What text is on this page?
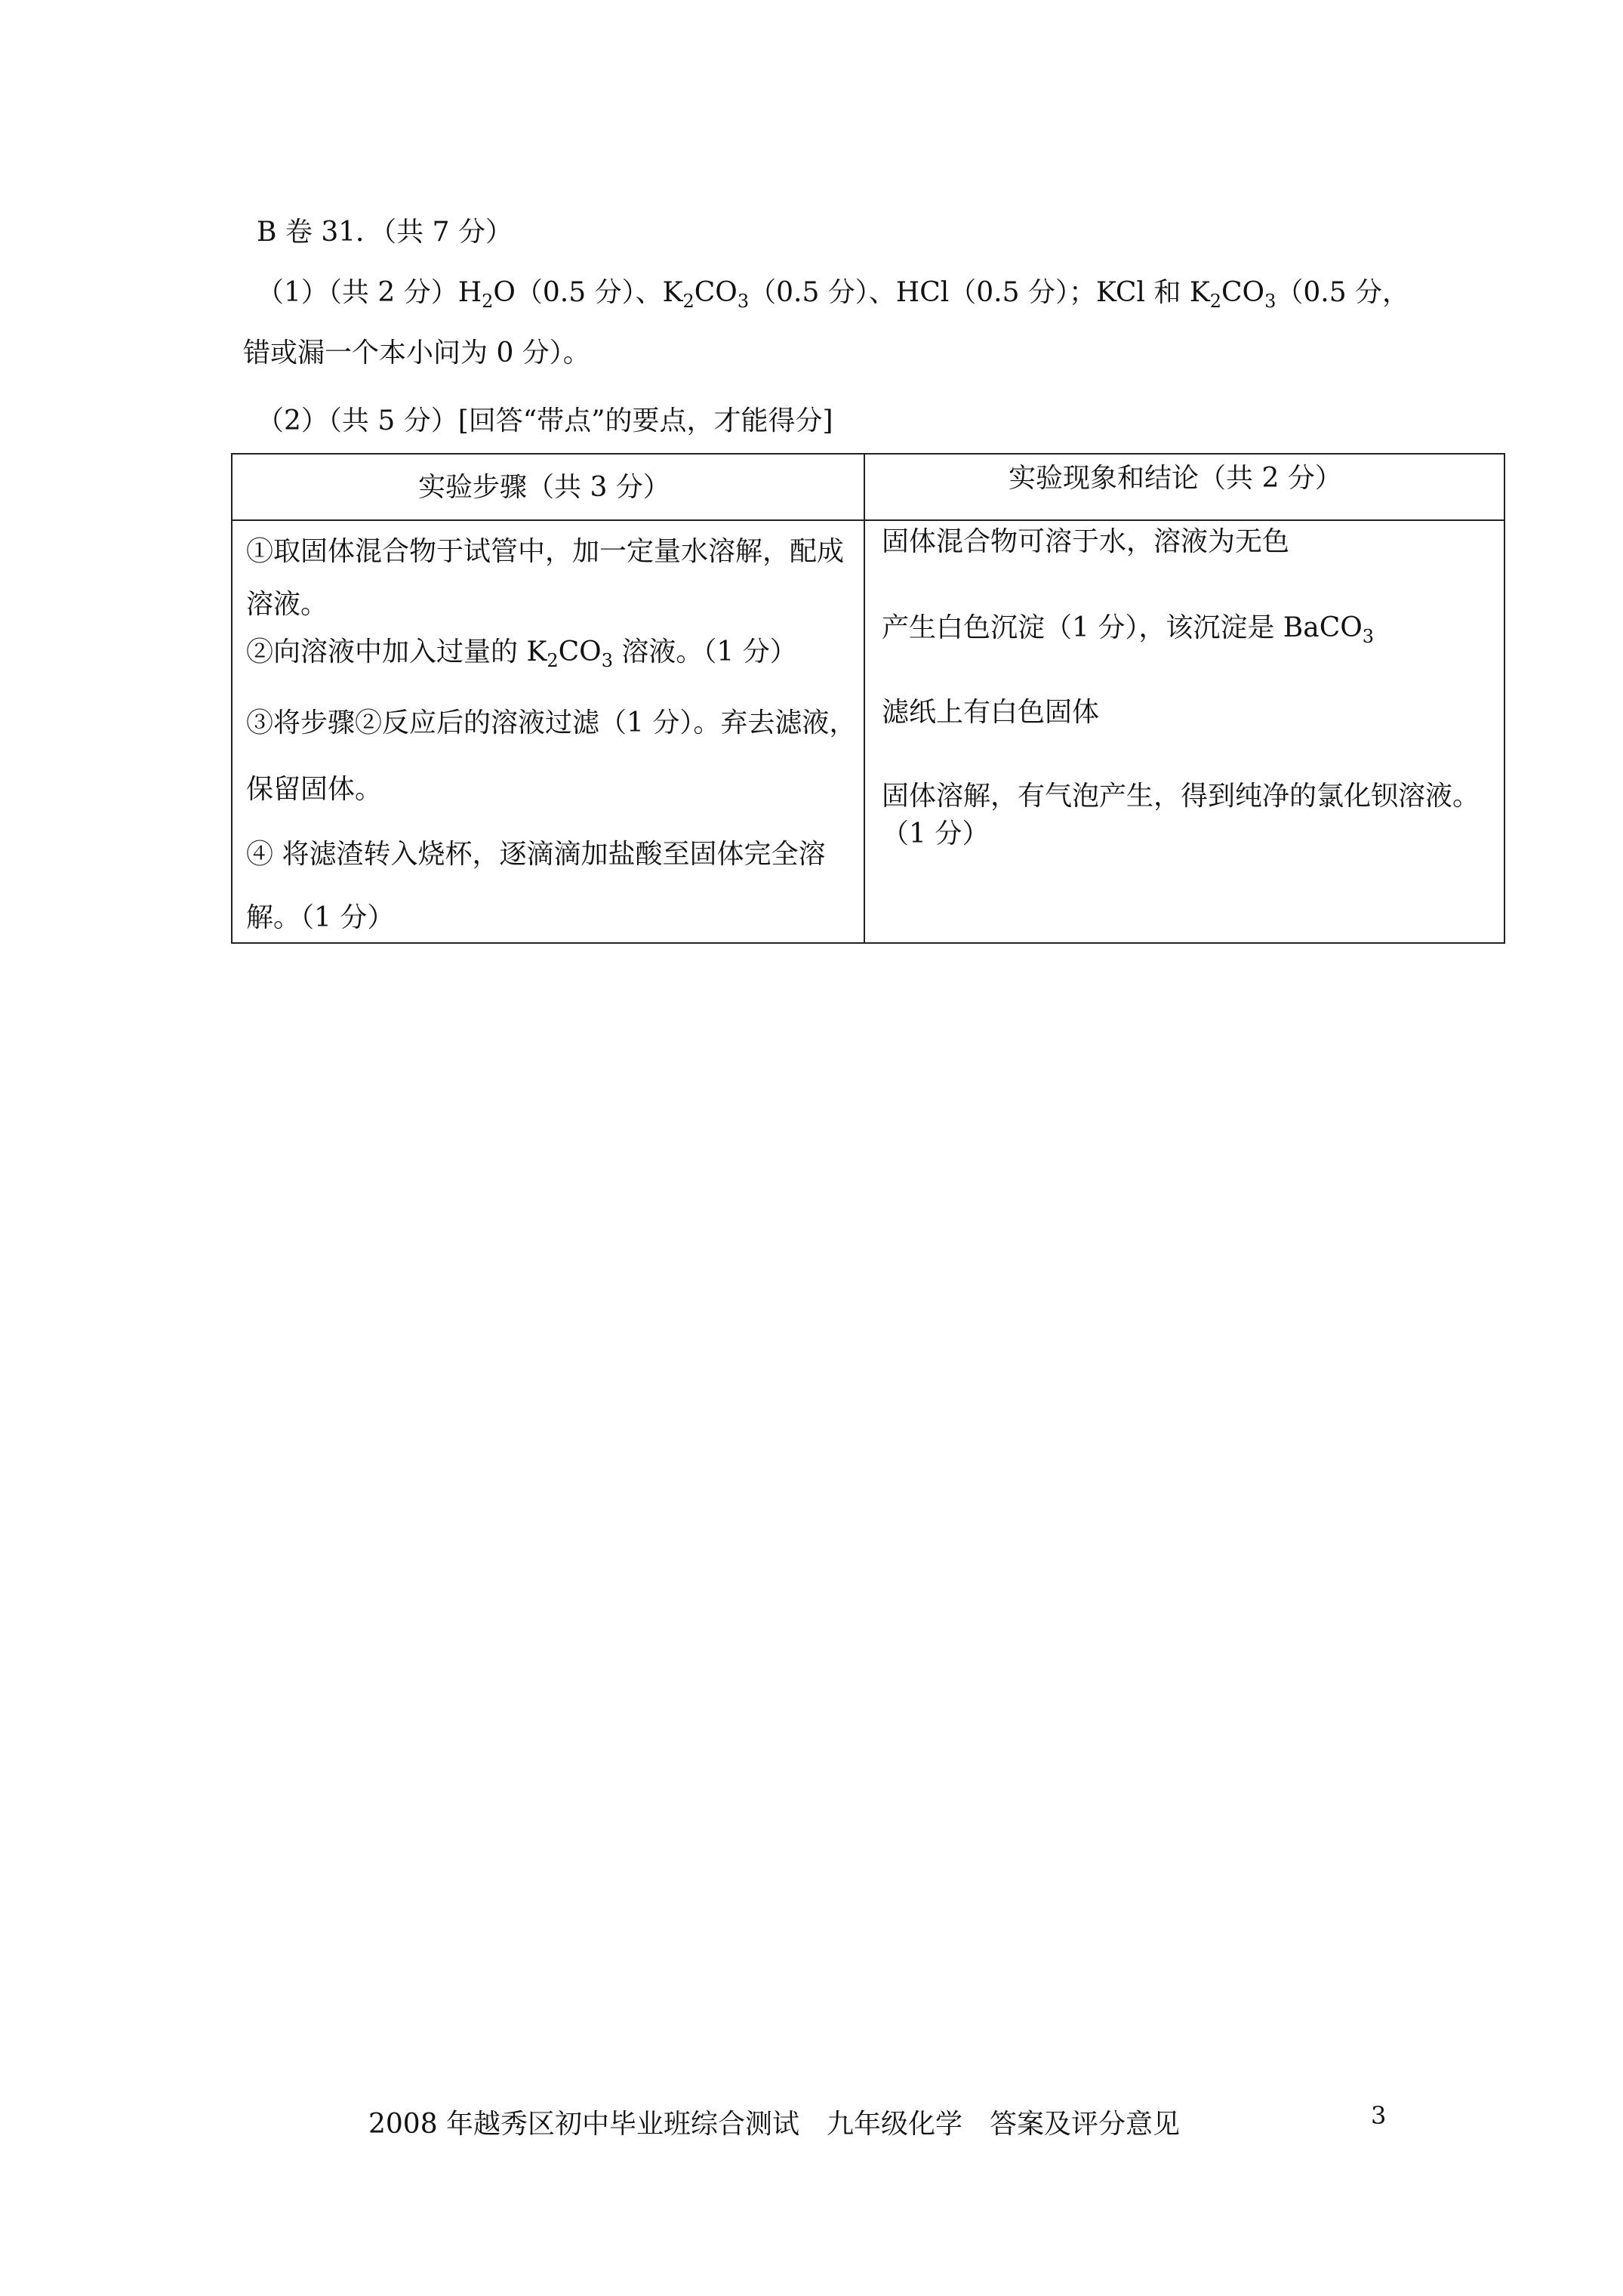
B 卷 31．（共 7 分）
（1）（共 2 分）$H_2O(0.5$ 分）、$K_2CO_3(0.5$ 分）、HCl（0.5 分）；KCl 和 $K_2CO_3(0.5$ 分，
错或漏一个本小问为 0 分）。
（2）（共 5 分）[回答“带点”的要点，才能得分]
实验步骤（共 3 分）	实验现象和结论（共 2 分）
①取固体混合物于试管中，加一定量水溶解，配成溶液。
②向溶液中加入过量的 $K_2CO_3$ 溶液。（1 分）
③将步骤②反应后的溶液过滤（1 分）。弃去滤液，保留固体。
④ 将滤渣转入烧杯，逐滴滴加盐酸至固体完全溶解。（1 分）
固体混合物可溶于水，溶液为无色
产生白色沉淀（1 分），该沉淀是 BaCO$_3$
滤纸上有白色固体
固体溶解，有气泡产生，得到纯净的氯化钡溶液。（1 分）
2008 年越秀区初中毕业班综合测试　九年级化学　答案及评分意见	3
